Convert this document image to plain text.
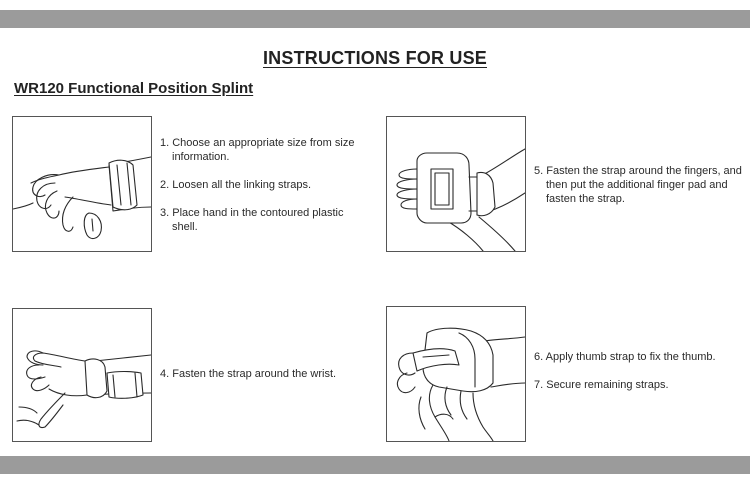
INSTRUCTIONS FOR USE
WR120 Functional Position Splint
1. Choose an appropriate size from size information.
2. Loosen all the linking straps.
3. Place hand in the contoured plastic shell.
5. Fasten the strap around the fingers, and then put the additional finger pad and fasten the strap.
4. Fasten the strap around the wrist.
6. Apply thumb strap to fix the thumb.
7. Secure remaining straps.
